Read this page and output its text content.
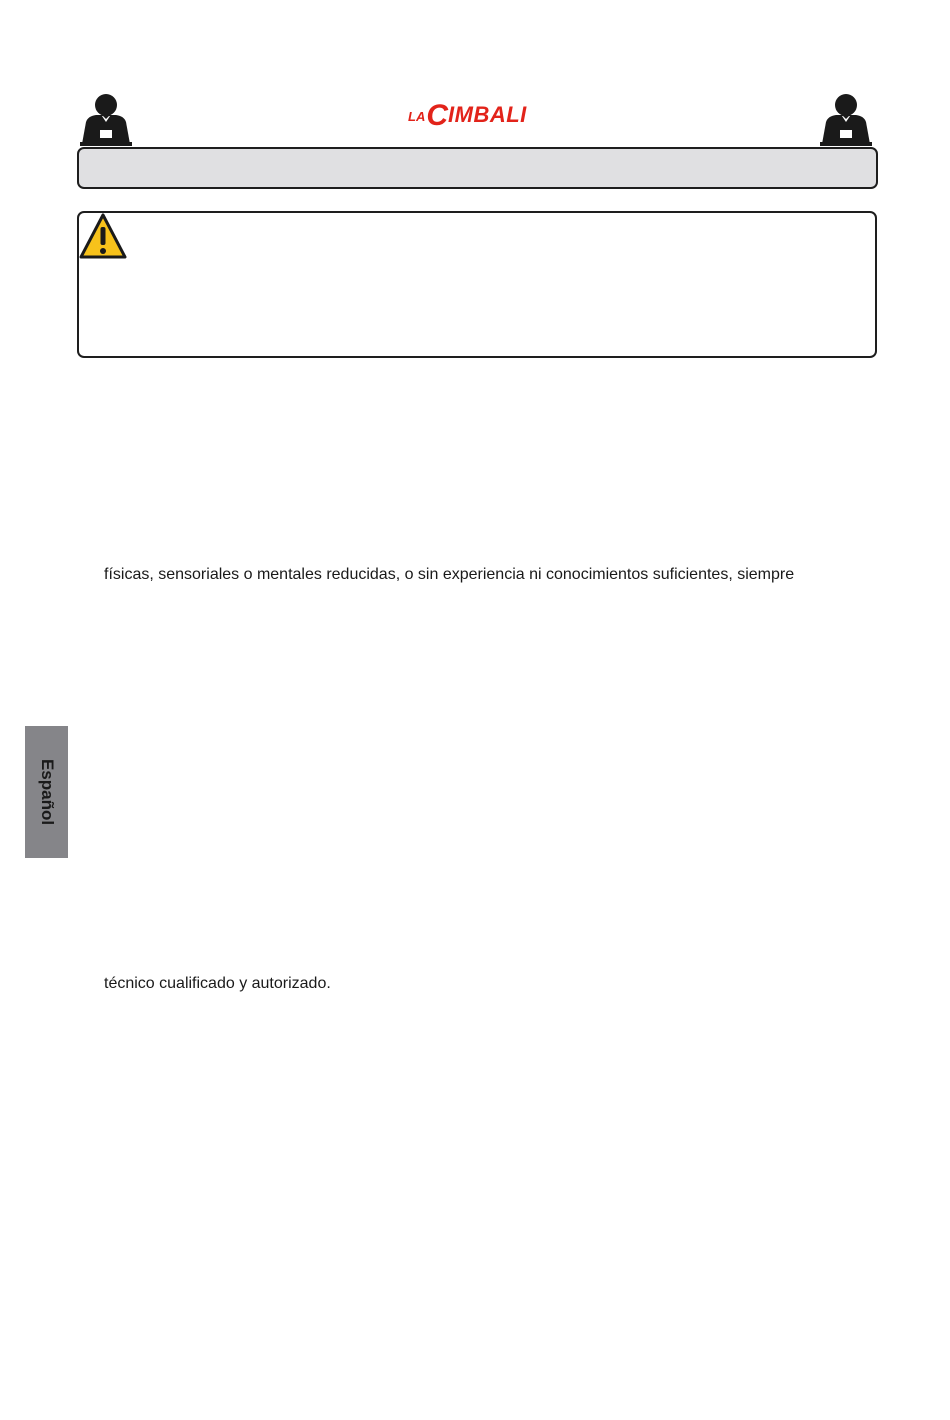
LA C IMBALI
físicas, sensoriales o mentales reducidas, o sin experiencia ni conocimientos suficientes, siempre
técnico cualificado y autorizado.
Español
